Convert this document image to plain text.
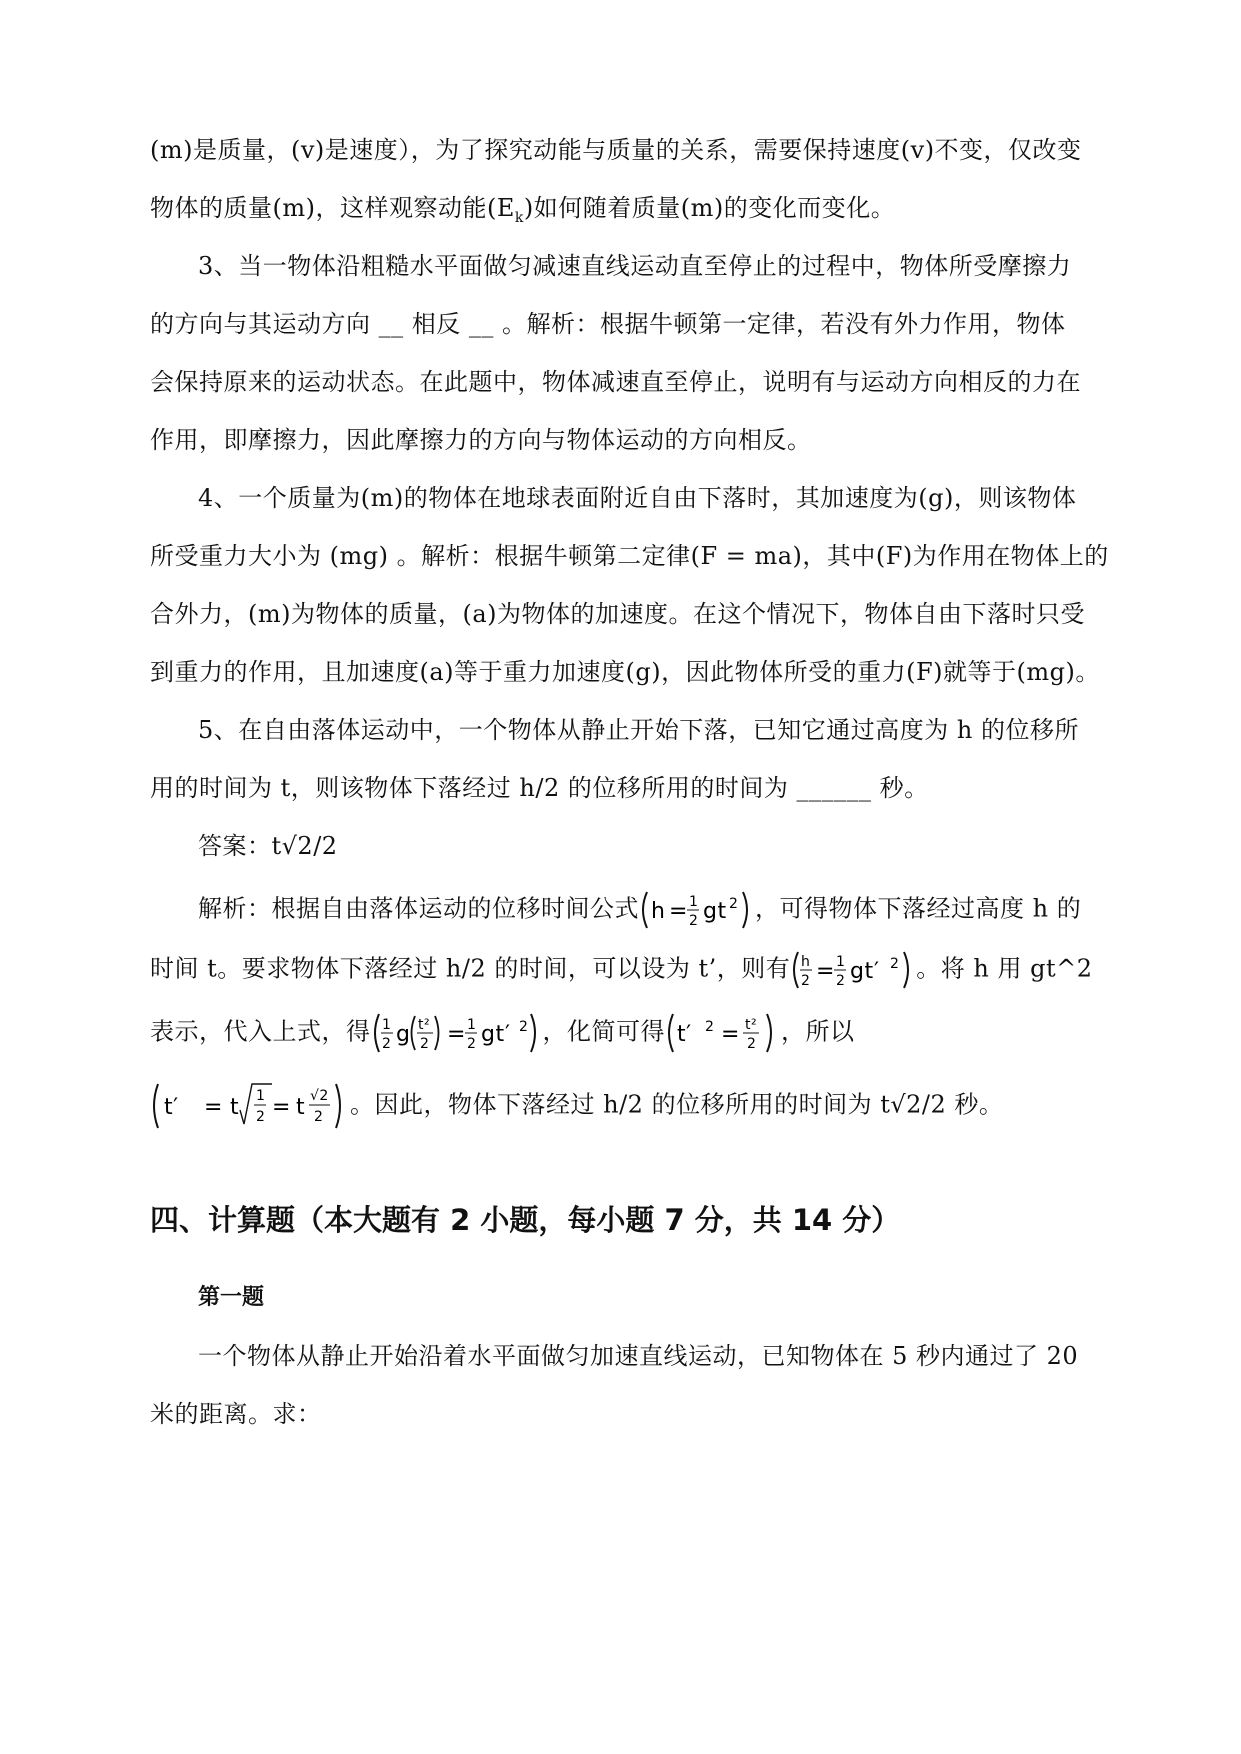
(m)是质量，(v)是速度），为了探究动能与质量的关系，需要保持速度(v)不变，仅改变
物体的质量(m)，这样观察动能$(E_k)$如何随着质量(m)的变化而变化。
3、当一物体沿粗糙水平面做匀减速直线运动直至停止的过程中，物体所受摩擦力
的方向与其运动方向 __ 相反 __ 。解析：根据牛顿第一定律，若没有外力作用，物体
会保持原来的运动状态。在此题中，物体减速直至停止，说明有与运动方向相反的力在
作用，即摩擦力，因此摩擦力的方向与物体运动的方向相反。
4、一个质量为(m)的物体在地球表面附近自由下落时，其加速度为(g)，则该物体
所受重力大小为 (mg) 。解析：根据牛顿第二定律(F = ma)，其中(F)为作用在物体上的
合外力，(m)为物体的质量，(a)为物体的加速度。在这个情况下，物体自由下落时只受
到重力的作用，且加速度(a)等于重力加速度(g)，因此物体所受的重力(F)就等于(mg)。
5、在自由落体运动中，一个物体从静止开始下落，已知它通过高度为 h 的位移所
用的时间为 t，则该物体下落经过 h/2 的位移所用的时间为 ______ 秒。
答案：t√2/2
解析：根据自由落体运动的位移时间公式 h = 1
2 gt 2 ，可得物体下落经过高度 h 的
时间 t。要求物体下落经过 h/2 的时间，可以设为 t’，则有 h
2 = 1
2 gt ′ 2 。将 h 用 gt^2
表示，代入上式，得 1
2 g t²
2 = 1
2 gt ′ 2 ，化简可得 t′ 2 = t²
2 ，所以
t′ = t 1
2 = t √2
2 。因此，物体下落经过 h/2 的位移所用的时间为 t√2/2 秒。
四、计算题（本大题有 2 小题，每小题 7 分，共 14 分）
第一题
一个物体从静止开始沿着水平面做匀加速直线运动，已知物体在 5 秒内通过了 20
米的距离。求：
